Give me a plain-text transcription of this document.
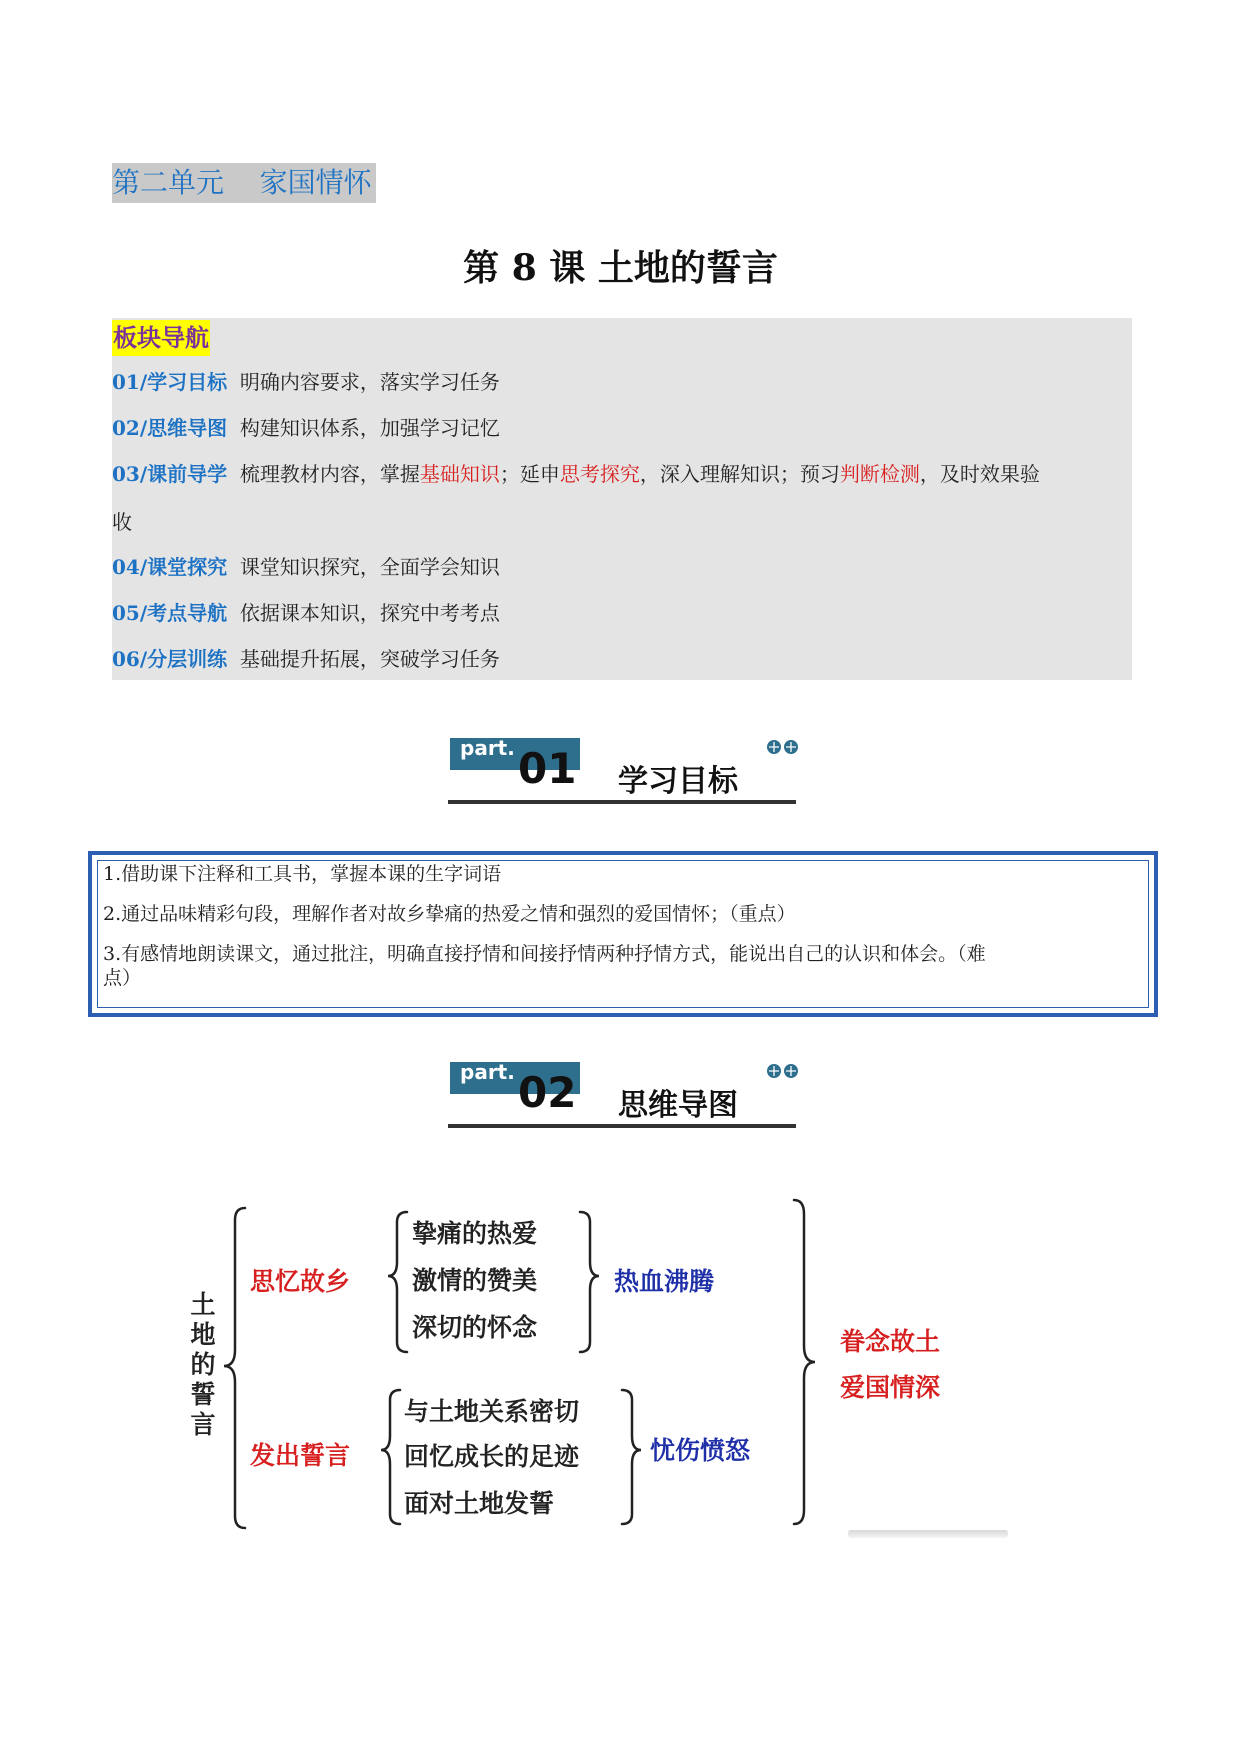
第二单元    家国情怀
第 8 课 土地的誓言
板块导航
01/学习目标 明确内容要求，落实学习任务
02/思维导图 构建知识体系，加强学习记忆
03/课前导学 梳理教材内容，掌握基础知识；延申思考探究，深入理解知识；预习判断检测，及时效果验
收
04/课堂探究 课堂知识探究，全面学会知识
05/考点导航 依据课本知识，探究中考考点
06/分层训练 基础提升拓展，突破学习任务
part. 01 学习目标
1.借助课下注释和工具书，掌握本课的生字词语
2.通过品味精彩句段，理解作者对故乡挚痛的热爱之情和强烈的爱国情怀；（重点）
3.有感情地朗读课文，通过批注，明确直接抒情和间接抒情两种抒情方式，能说出自己的认识和体会。（难
点）
part. 02 思维导图
土地的誓言
思忆故乡
挚痛的热爱
激情的赞美
深切的怀念
热血沸腾
发出誓言
与土地关系密切
回忆成长的足迹
面对土地发誓
忧伤愤怒
眷念故土
爱国情深
